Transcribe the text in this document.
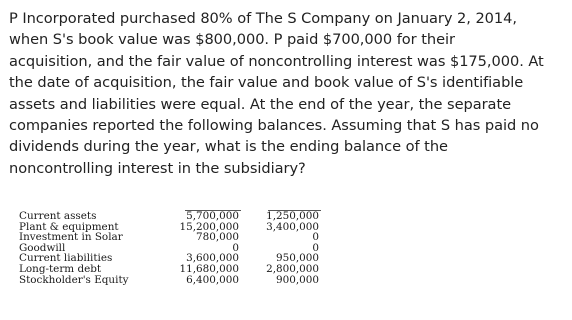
P Incorporated purchased 80% of The S Company on January 2, 2014,
when S's book value was $800,000. P paid $700,000 for their
acquisition, and the fair value of noncontrolling interest was $175,000. At
the date of acquisition, the fair value and book value of S's identifiable
assets and liabilities were equal. At the end of the year, the separate
companies reported the following balances. Assuming that S has paid no
dividends during the year, what is the ending balance of the
noncontrolling interest in the subsidiary?
Current assets	5,700,000	1,250,000
Plant & equipment	15,200,000	3,400,000
Investment in Solar	780,000	0
Goodwill	0	0
Current liabilities	3,600,000	950,000
Long-term debt	11,680,000	2,800,000
Stockholder's Equity	6,400,000	900,000
